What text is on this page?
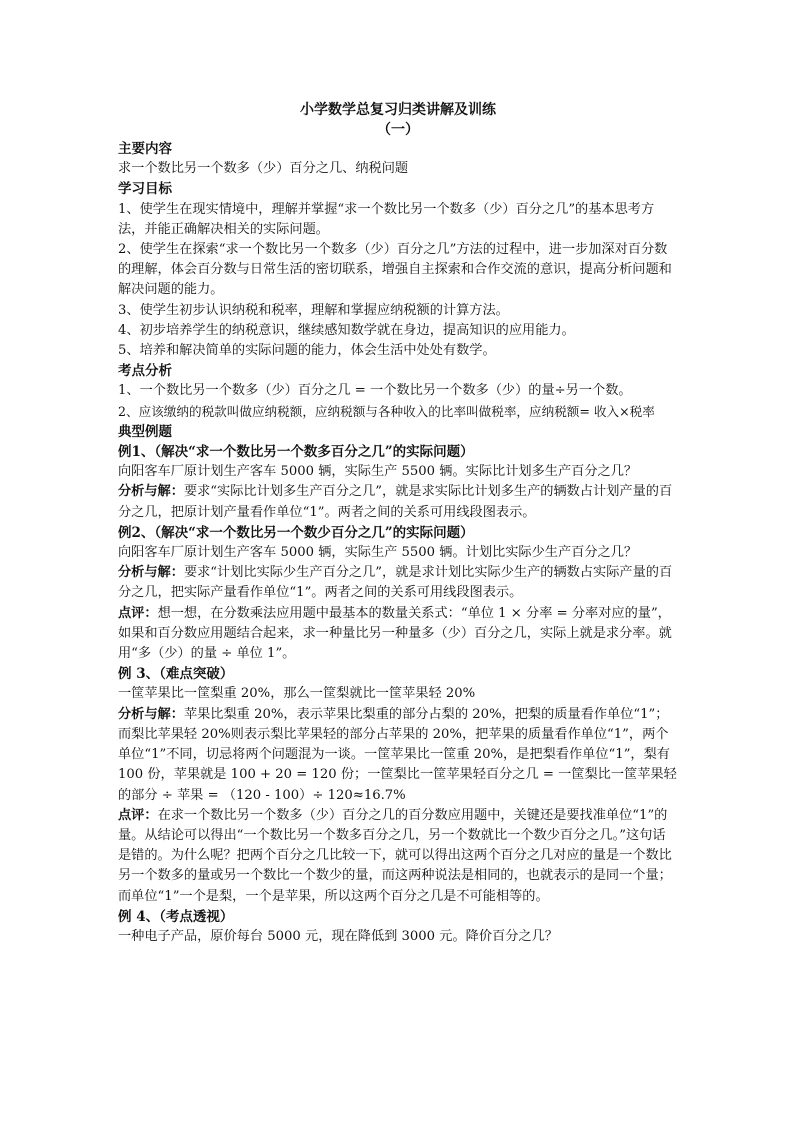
小学数学总复习归类讲解及训练
（一）

主要内容

求一个数比另一个数多（少）百分之几、纳税问题

学习目标

1、使学生在现实情境中，理解并掌握“求一个数比另一个数多（少）百分之几”的基本思考方法，并能正确解决相关的实际问题。

2、使学生在探索“求一个数比另一个数多（少）百分之几”方法的过程中，进一步加深对百分数的理解，体会百分数与日常生活的密切联系，增强自主探索和合作交流的意识，提高分析问题和解决问题的能力。

3、使学生初步认识纳税和税率，理解和掌握应纳税额的计算方法。

4、初步培养学生的纳税意识，继续感知数学就在身边，提高知识的应用能力。

5、培养和解决简单的实际问题的能力，体会生活中处处有数学。

考点分析

1、一个数比另一个数多（少）百分之几 = 一个数比另一个数多（少）的量÷另一个数。

2、应该缴纳的税款叫做应纳税额，应纳税额与各种收入的比率叫做税率，应纳税额= 收入×税率

典型例题

例1、（解决“求一个数比另一个数多百分之几”的实际问题）

向阳客车厂原计划生产客车 5000 辆，实际生产 5500 辆。实际比计划多生产百分之几？

分析与解：要求“实际比计划多生产百分之几”，就是求实际比计划多生产的辆数占计划产量的百分之几，把原计划产量看作单位“1”。两者之间的关系可用线段图表示。

例2、（解决“求一个数比另一个数少百分之几”的实际问题）

向阳客车厂原计划生产客车 5000 辆，实际生产 5500 辆。计划比实际少生产百分之几？

分析与解：要求“计划比实际少生产百分之几”，就是求计划比实际少生产的辆数占实际产量的百分之几，把实际产量看作单位“1”。两者之间的关系可用线段图表示。

点评：想一想，在分数乘法应用题中最基本的数量关系式：“单位 1 × 分率 = 分率对应的量”，如果和百分数应用题结合起来，求一种量比另一种量多（少）百分之几，实际上就是求分率。就用“多（少）的量 ÷ 单位 1”。

例 3、（难点突破）

一筐苹果比一筐梨重 20%，那么一筐梨就比一筐苹果轻 20%

分析与解：苹果比梨重 20%，表示苹果比梨重的部分占梨的 20%，把梨的质量看作单位“1”；而梨比苹果轻 20%则表示梨比苹果轻的部分占苹果的 20%，把苹果的质量看作单位“1”，两个单位“1”不同，切忌将两个问题混为一谈。一筐苹果比一筐重 20%，是把梨看作单位“1”，梨有 100 份，苹果就是 100 + 20 = 120 份；一筐梨比一筐苹果轻百分之几 = 一筐梨比一筐苹果轻的部分 ÷ 苹果 = （120 - 100）÷ 120≈16.7%

点评：在求一个数比另一个数多（少）百分之几的百分数应用题中，关键还是要找准单位“1”的量。从结论可以得出“一个数比另一个数多百分之几，另一个数就比一个数少百分之几。”这句话是错的。为什么呢？把两个百分之几比较一下，就可以得出这两个百分之几对应的量是一个数比另一个数多的量或另一个数比一个数少的量，而这两种说法是相同的，也就表示的是同一个量；而单位“1”一个是梨，一个是苹果，所以这两个百分之几是不可能相等的。

例 4、（考点透视）

一种电子产品，原价每台 5000 元，现在降低到 3000 元。降价百分之几？
